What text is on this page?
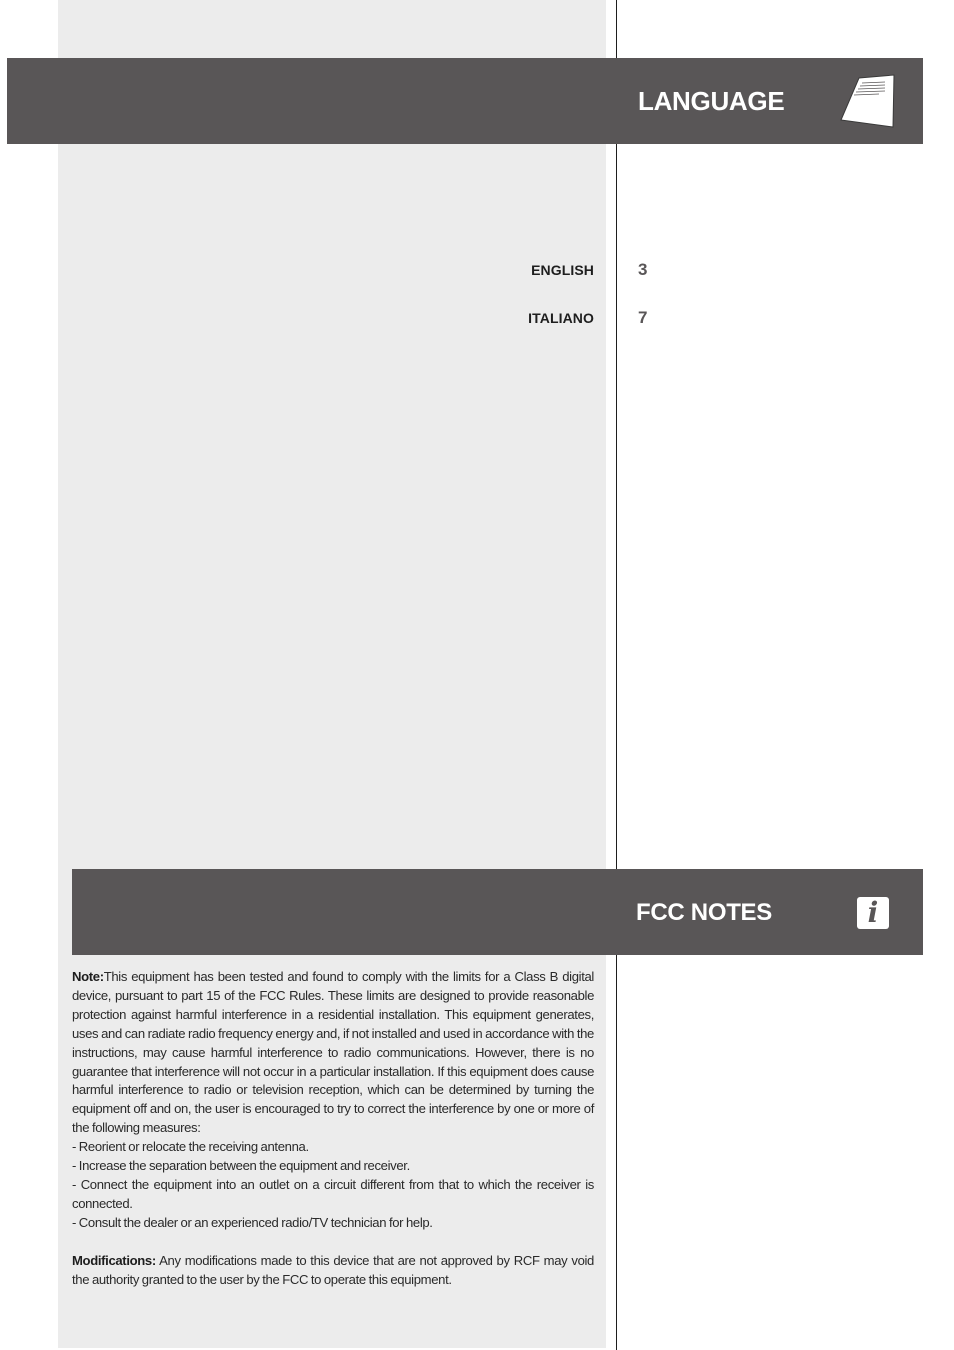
LANGUAGE
ENGLISH	3
ITALIANO	7
FCC NOTES	i

Note:This equipment has been tested and found to comply with the limits for a Class B digital device, pursuant to part 15 of the FCC Rules. These limits are designed to provide reasonable protection against harmful interference in a residential installation. This equipment generates, uses and can radiate radio frequency energy and, if not installed and used in accordance with the instructions, may cause harmful interference to radio communications. However, there is no guarantee that interference will not occur in a particular installation. If this equipment does cause harmful interference to radio or television reception, which can be determined by turning the equipment off and on, the user is encouraged to try to correct the interference by one or more of the following measures:

- Reorient or relocate the receiving antenna.

- Increase the separation between the equipment and receiver.

- Connect the equipment into an outlet on a circuit different from that to which the receiver is connected.

- Consult the dealer or an experienced radio/TV technician for help.

Modifications: Any modifications made to this device that are not approved by RCF may void the authority granted to the user by the FCC to operate this equipment.
